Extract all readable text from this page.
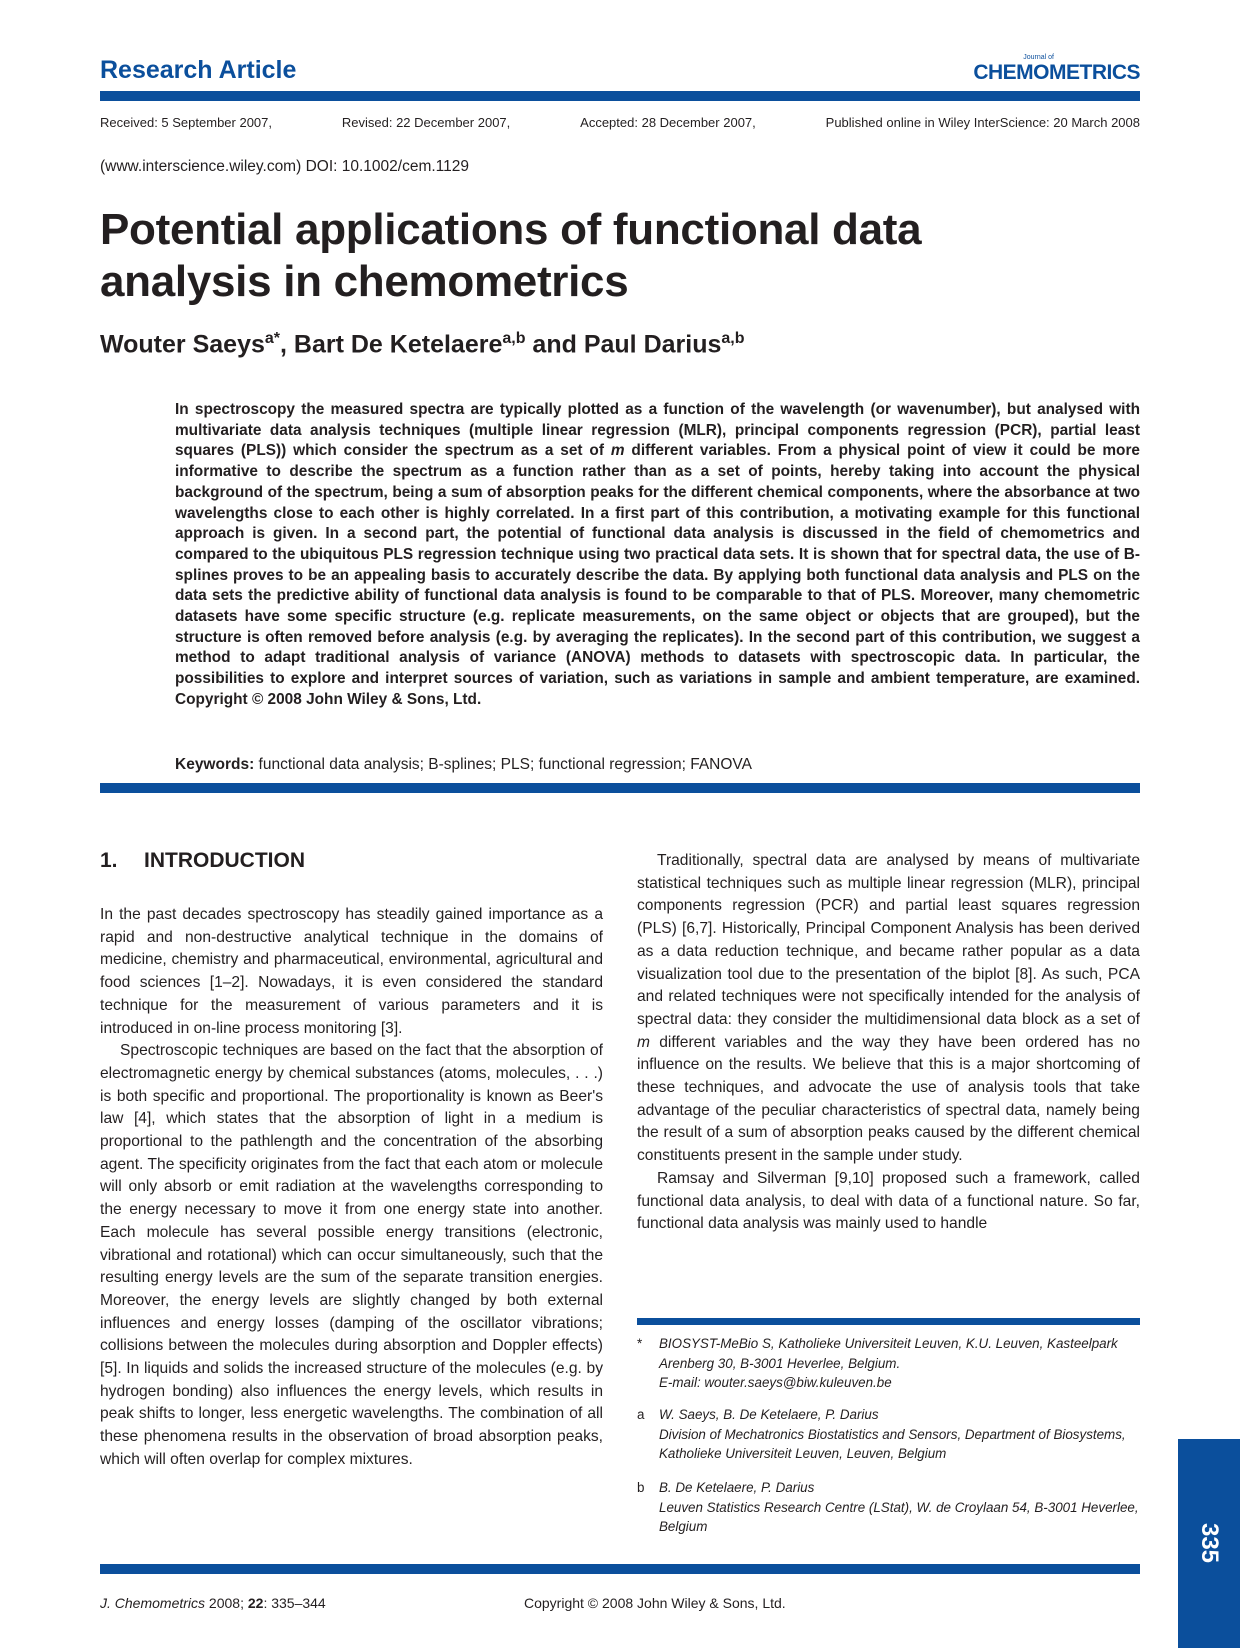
Research Article	Journal of
CHEMOMETRICS
Received: 5 September 2007,	Revised: 22 December 2007,	Accepted: 28 December 2007,	Published online in Wiley InterScience: 20 March 2008
(www.interscience.wiley.com) DOI: 10.1002/cem.1129
Potential applications of functional data
analysis in chemometrics
Wouter Saeys$^{a*}$, Bart De Ketelaere$^{a,b}$ and Paul Darius$^{a,b}$
In spectroscopy the measured spectra are typically plotted as a function of the wavelength (or wavenumber), but analysed with multivariate data analysis techniques (multiple linear regression (MLR), principal components regression (PCR), partial least squares (PLS)) which consider the spectrum as a set of m different variables. From a physical point of view it could be more informative to describe the spectrum as a function rather than as a set of points, hereby taking into account the physical background of the spectrum, being a sum of absorption peaks for the different chemical components, where the absorbance at two wavelengths close to each other is highly correlated. In a first part of this contribution, a motivating example for this functional approach is given. In a second part, the potential of functional data analysis is discussed in the field of chemometrics and compared to the ubiquitous PLS regression technique using two practical data sets. It is shown that for spectral data, the use of B-splines proves to be an appealing basis to accurately describe the data. By applying both functional data analysis and PLS on the data sets the predictive ability of functional data analysis is found to be comparable to that of PLS. Moreover, many chemometric datasets have some specific structure (e.g. replicate measurements, on the same object or objects that are grouped), but the structure is often removed before analysis (e.g. by averaging the replicates). In the second part of this contribution, we suggest a method to adapt traditional analysis of variance (ANOVA) methods to datasets with spectroscopic data. In particular, the possibilities to explore and interpret sources of variation, such as variations in sample and ambient temperature, are examined. Copyright © 2008 John Wiley & Sons, Ltd.
Keywords: functional data analysis; B-splines; PLS; functional regression; FANOVA
1. INTRODUCTION

In the past decades spectroscopy has steadily gained importance as a rapid and non-destructive analytical technique in the domains of medicine, chemistry and pharmaceutical, environmental, agricultural and food sciences [1–2]. Nowadays, it is even considered the standard technique for the measurement of various parameters and it is introduced in on-line process monitoring [3].

Spectroscopic techniques are based on the fact that the absorption of electromagnetic energy by chemical substances (atoms, molecules, . . .) is both specific and proportional. The proportionality is known as Beer's law [4], which states that the absorption of light in a medium is proportional to the pathlength and the concentration of the absorbing agent. The specificity originates from the fact that each atom or molecule will only absorb or emit radiation at the wavelengths corresponding to the energy necessary to move it from one energy state into another. Each molecule has several possible energy transitions (electronic, vibrational and rotational) which can occur simultaneously, such that the resulting energy levels are the sum of the separate transition energies. Moreover, the energy levels are slightly changed by both external influences and energy losses (damping of the oscillator vibrations; collisions between the molecules during absorption and Doppler effects) [5]. In liquids and solids the increased structure of the molecules (e.g. by hydrogen bonding) also influences the energy levels, which results in peak shifts to longer, less energetic wavelengths. The combination of all these phenomena results in the observation of broad absorption peaks, which will often overlap for complex mixtures.

Traditionally, spectral data are analysed by means of multivariate statistical techniques such as multiple linear regression (MLR), principal components regression (PCR) and partial least squares regression (PLS) [6,7]. Historically, Principal Component Analysis has been derived as a data reduction technique, and became rather popular as a data visualization tool due to the presentation of the biplot [8]. As such, PCA and related techniques were not specifically intended for the analysis of spectral data: they consider the multidimensional data block as a set of m different variables and the way they have been ordered has no influence on the results. We believe that this is a major shortcoming of these techniques, and advocate the use of analysis tools that take advantage of the peculiar characteristics of spectral data, namely being the result of a sum of absorption peaks caused by the different chemical constituents present in the sample under study.

Ramsay and Silverman [9,10] proposed such a framework, called functional data analysis, to deal with data of a functional nature. So far, functional data analysis was mainly used to handle

* BIOSYST-MeBio S, Katholieke Universiteit Leuven, K.U. Leuven, Kasteelpark Arenberg 30, B-3001 Heverlee, Belgium.
E-mail: wouter.saeys@biw.kuleuven.be
a W. Saeys, B. De Ketelaere, P. Darius
Division of Mechatronics Biostatistics and Sensors, Department of Biosystems, Katholieke Universiteit Leuven, Leuven, Belgium
b B. De Ketelaere, P. Darius
Leuven Statistics Research Centre (LStat), W. de Croylaan 54, B-3001 Heverlee, Belgium	335
J. Chemometrics 2008; 22: 335–344	Copyright © 2008 John Wiley & Sons, Ltd.
